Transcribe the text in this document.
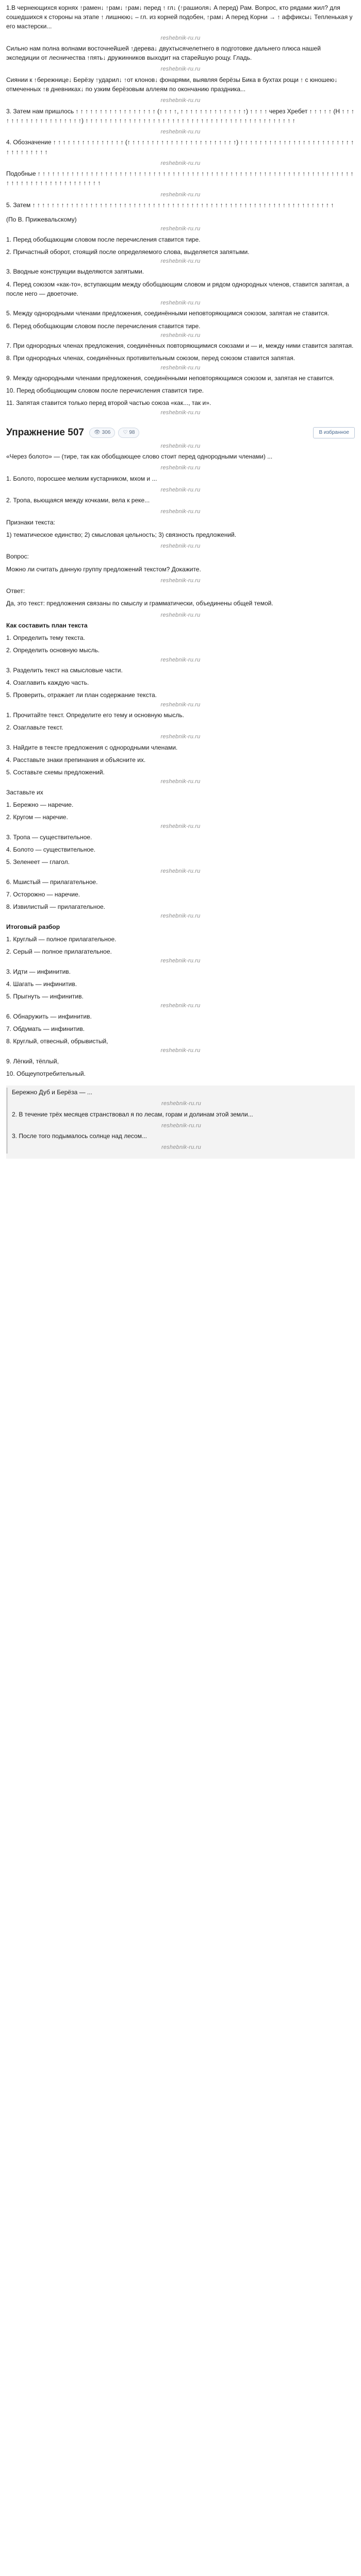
1.В чернеющихся корнях ↑рамен↓ ↑рам↓ ↑рам↓ перед ↑ гл↓ (↑рашиоля↓ A перед) Рам. Вопрос, кто рядами жил? для сошедшихся к стороны на этапе ↑ лишнюю↓ – гл. из корней подобен, ↑рам↓ A перед Корни → ↑ аффиксы↓ Тепленькая у его мастерски...

reshebnik-ru.ru

Сильно нам полна волнами восточнейшей ↑дерева↓ двухтысячелетнего в подготовке дальнего плюса нашей экспедиции от лесничества ↑пять↓ дружинников выходит на старейшую рощу. Гладь.

reshebnik-ru.ru

Сиянии к ↑бережнице↓ Берёзу ↑ударил↓ ↑от клонов↓ фонарями, выявляя берёзы Бика в бухтах рощи ↑ с юношею↓ отмеченных ↑в дневниках↓ по узким берёзовым аллеям по окончанию праздника...

reshebnik-ru.ru

3. Затем нам пришлось ↑ ↑ ↑ ↑ ↑ ↑ ↑ ↑ ↑ ↑ ↑ ↑ ↑ ↑ ↑ ↑ ↑ (↑ ↑ ↑ ↑, ↑ ↑ ↑ ↑ ↑ ↑ ↑ ↑ ↑ ↑ ↑ ↑ ↑ ↑) ↑ ↑ ↑ ↑ через Хребет ↑ ↑ ↑ ↑ ↑ (H ↑ ↑ ↑ ↑ ↑ ↑ ↑ ↑ ↑ ↑ ↑ ↑ ↑ ↑ ↑ ↑ ↑ ↑ ↑) ↑ ↑ ↑ ↑ ↑ ↑ ↑ ↑ ↑ ↑ ↑ ↑ ↑ ↑ ↑ ↑ ↑ ↑ ↑ ↑ ↑ ↑ ↑ ↑ ↑ ↑ ↑ ↑ ↑ ↑ ↑ ↑ ↑ ↑ ↑ ↑ ↑ ↑ ↑ ↑ ↑ ↑ ↑ ↑

reshebnik-ru.ru

4. Обозначение ↑ ↑ ↑ ↑ ↑ ↑ ↑ ↑ ↑ ↑ ↑ ↑ ↑ ↑ ↑ (↑ ↑ ↑ ↑ ↑ ↑ ↑ ↑ ↑ ↑ ↑ ↑ ↑ ↑ ↑ ↑ ↑ ↑ ↑ ↑ ↑ ↑ ↑) ↑ ↑ ↑ ↑ ↑ ↑ ↑ ↑ ↑ ↑ ↑ ↑ ↑ ↑ ↑ ↑ ↑ ↑ ↑ ↑ ↑ ↑ ↑ ↑ ↑ ↑ ↑ ↑ ↑ ↑ ↑ ↑ ↑

reshebnik-ru.ru

Подобные ↑ ↑ ↑ ↑ ↑ ↑ ↑ ↑ ↑ ↑ ↑ ↑ ↑ ↑ ↑ ↑ ↑ ↑ ↑ ↑ ↑ ↑ ↑ ↑ ↑ ↑ ↑ ↑ ↑ ↑ ↑ ↑ ↑ ↑ ↑ ↑ ↑ ↑ ↑ ↑ ↑ ↑ ↑ ↑ ↑ ↑ ↑ ↑ ↑ ↑ ↑ ↑ ↑ ↑ ↑ ↑ ↑ ↑ ↑ ↑ ↑ ↑ ↑ ↑ ↑ ↑ ↑ ↑ ↑ ↑ ↑ ↑ ↑ ↑ ↑ ↑ ↑ ↑ ↑ ↑ ↑ ↑ ↑ ↑ ↑ ↑

reshebnik-ru.ru

5. Затем ↑ ↑ ↑ ↑ ↑ ↑ ↑ ↑ ↑ ↑ ↑ ↑ ↑ ↑ ↑ ↑ ↑ ↑ ↑ ↑ ↑ ↑ ↑ ↑ ↑ ↑ ↑ ↑ ↑ ↑ ↑ ↑ ↑ ↑ ↑ ↑ ↑ ↑ ↑ ↑ ↑ ↑ ↑ ↑ ↑ ↑ ↑ ↑ ↑ ↑ ↑ ↑ ↑ ↑ ↑ ↑ ↑ ↑ ↑ ↑ ↑ ↑ ↑

(По В. Прижевальскому)

reshebnik-ru.ru

1. Перед обобщающим словом после перечисления ставится тире.

2. Причастный оборот, стоящий после определяемого слова, выделяется запятыми.

reshebnik-ru.ru

3. Вводные конструкции выделяются запятыми.

4. Перед союзом «как-то», вступающим между обобщающим словом и рядом однородных членов, ставится запятая, а после него — двоеточие.

reshebnik-ru.ru

5. Между однородными членами предложения, соединёнными неповторяющимся союзом, запятая не ставится.

6. Перед обобщающим словом после перечисления ставится тире.

reshebnik-ru.ru

7. При однородных членах предложения, соединённых повторяющимися союзами и — и, между ними ставится запятая.

8. При однородных членах, соединённых противительным союзом, перед союзом ставится запятая.

reshebnik-ru.ru

9. Между однородными членами предложения, соединёнными неповторяющимся союзом и, запятая не ставится.

10. Перед обобщающим словом после перечисления ставится тире.

11. Запятая ставится только перед второй частью союза «как..., так и».

reshebnik-ru.ru
Упражнение 507 👁 306 ♡ 98	В избранное
reshebnik-ru.ru

«Через болото» — (тире, так как обобщающее слово стоит перед однородными членами) ...

reshebnik-ru.ru

1. Болото, поросшее мелким кустарником, мхом и ...

reshebnik-ru.ru

2. Тропа, вьющаяся между кочками, вела к реке...

reshebnik-ru.ru

Признаки текста:

1) тематическое единство; 2) смысловая цельность; 3) связность предложений.

reshebnik-ru.ru

Вопрос:

Можно ли считать данную группу предложений текстом? Докажите.

reshebnik-ru.ru

Ответ:

Да, это текст: предложения связаны по смыслу и грамматически, объединены общей темой.

reshebnik-ru.ru

Как составить план текста

1. Определить тему текста.

2. Определить основную мысль.

reshebnik-ru.ru

3. Разделить текст на смысловые части.

4. Озаглавить каждую часть.

5. Проверить, отражает ли план содержание текста.

reshebnik-ru.ru

1. Прочитайте текст. Определите его тему и основную мысль.

2. Озаглавьте текст.

reshebnik-ru.ru

3. Найдите в тексте предложения с однородными членами.

4. Расставьте знаки препинания и объясните их.

5. Составьте схемы предложений.

reshebnik-ru.ru

Заставьте их

1. Бережно — наречие.

2. Кругом — наречие.

reshebnik-ru.ru

3. Тропа — существительное.

4. Болото — существительное.

5. Зеленеет — глагол.

reshebnik-ru.ru

6. Мшистый — прилагательное.

7. Осторожно — наречие.

8. Извилистый — прилагательное.

reshebnik-ru.ru

Итоговый разбор

1. Круглый — полное прилагательное.

2. Серый — полное прилагательное.

reshebnik-ru.ru

3. Идти — инфинитив.

4. Шагать — инфинитив.

5. Прыгнуть — инфинитив.

reshebnik-ru.ru

6. Обнаружить — инфинитив.

7. Обдумать — инфинитив.

8. Круглый, отвесный, обрывистый,

reshebnik-ru.ru

9. Лёгкий, тёплый,

10. Общеупотребительный.

Бережно Дуб и Берёза — ...

reshebnik-ru.ru

2. В течение трёх месяцев странствовал я по лесам, горам и долинам этой земли...

reshebnik-ru.ru

3. После того подымалось солнце над лесом...

reshebnik-ru.ru
